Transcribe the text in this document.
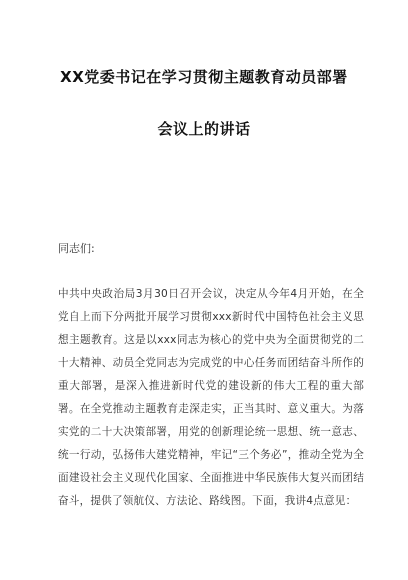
XX党委书记在学习贯彻主题教育动员部署
会议上的讲话

同志们:

中共中央政治局3月30日召开会议，决定从今年4月开始，在全党自上而下分两批开展学习贯彻xxx新时代中国特色社会主义思想主题教育。这是以xxx同志为核心的党中央为全面贯彻党的二十大精神、动员全党同志为完成党的中心任务而团结奋斗所作的重大部署，是深入推进新时代党的建设新的伟大工程的重大部署。在全党推动主题教育走深走实，正当其时、意义重大。为落实党的二十大决策部署，用党的创新理论统一思想、统一意志、统一行动，弘扬伟大建党精神，牢记“三个务必”，推动全党为全面建设社会主义现代化国家、全面推进中华民族伟大复兴而团结奋斗，提供了领航仪、方法论、路线图。下面，我讲4点意见：
